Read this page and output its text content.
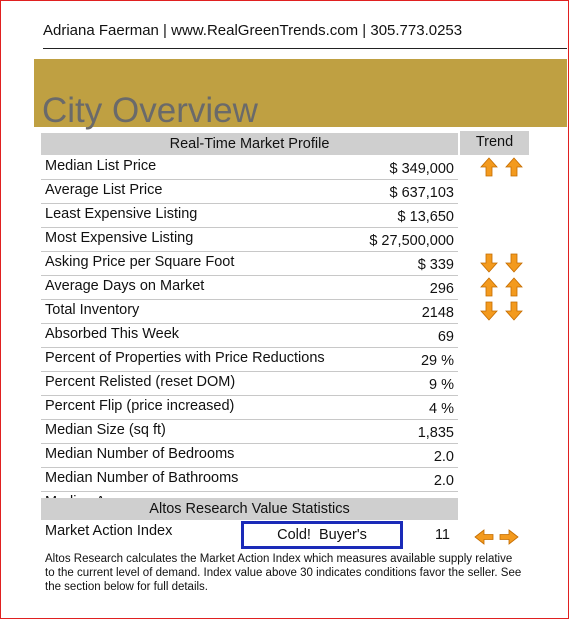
Adriana Faerman | www.RealGreenTrends.com | 305.773.0253
City Overview
Real-Time Market Profile	Trend
Median List Price	$ 349,000
Average List Price	$ 637,103
Least Expensive Listing	$ 13,650
Most Expensive Listing	$ 27,500,000
Asking Price per Square Foot	$ 339
Average Days on Market	296
Total Inventory	2148
Absorbed This Week	69
Percent of Properties with Price Reductions	29 %
Percent Relisted (reset DOM)	9 %
Percent Flip (price increased)	4 %
Median Size (sq ft)	1,835
Median Number of Bedrooms	2.0
Median Number of Bathrooms	2.0
Altos Research Value Statistics
Market Action Index	Cold!  Buyer's	11
Altos Research calculates the Market Action Index which measures available supply relative to the current level of demand. Index value above 30 indicates conditions favor the seller. See the section below for full details.
